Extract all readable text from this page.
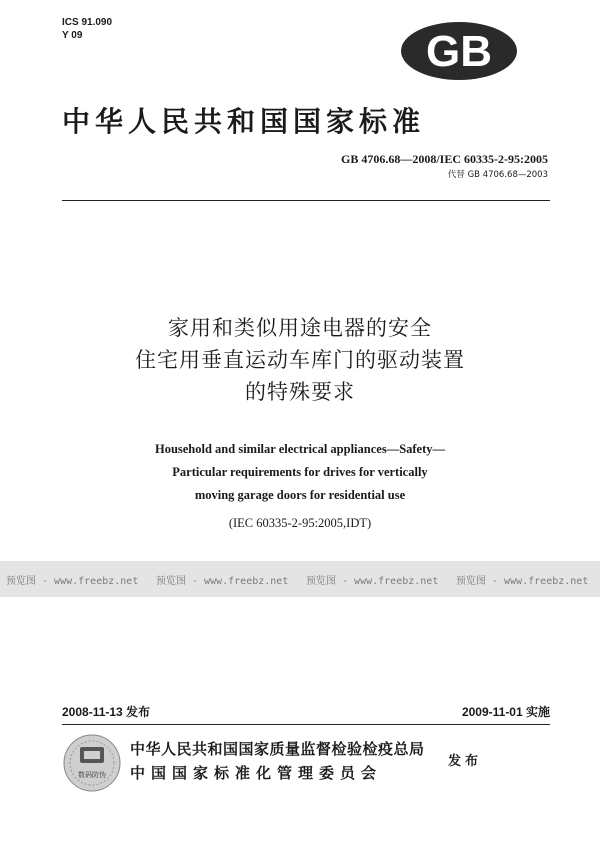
ICS 91.090
Y 09	GB
中华人民共和国国家标准
GB 4706.68—2008/IEC 60335-2-95:2005
代替 GB 4706.68—2003
家用和类似用途电器的安全
住宅用垂直运动车库门的驱动装置
的特殊要求
Household and similar electrical appliances—Safety—
Particular requirements for drives for vertically
moving garage doors for residential use
(IEC 60335-2-95:2005,IDT)
预览图 - www.freebz.net 预览图 - www.freebz.net 预览图 - www.freebz.net 预览图 - www.freebz.net
2008-11-13 发布	2009-11-01 实施
数码防伪
中华人民共和国国家质量监督检验检疫总局
中国国家标准化管理委员会
发布
